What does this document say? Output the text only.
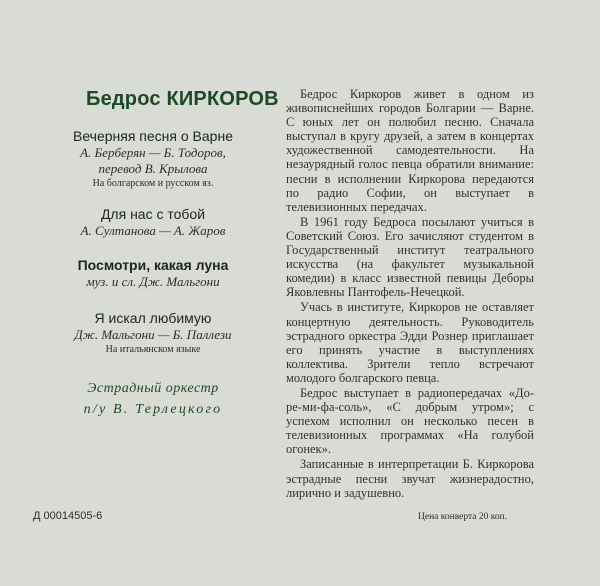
Бедрос КИРКОРОВ
Вечерняя песня о Варне
А. Берберян — Б. Тодоров,
перевод В. Крылова
На болгарском и русском яз.
Для нас с тобой
А. Султанова — А. Жаров
Посмотри, какая луна
муз. и сл. Дж. Мальгони
Я искал любимую
Дж. Мальгони — Б. Паллези
На итальянском языке
Эстрадный оркестр
п/у В. Терлецкого

Бедрос Киркоров живет в одном из живописнейших городов Болгарии — Варне. С юных лет он полюбил песню. Сначала выступал в кругу друзей, а затем в концертах художественной самодеятельности. На незаурядный голос певца обратили внимание: песни в исполнении Киркорова передаются по радио Софии, он выступает в телевизионных передачах.

В 1961 году Бедроса посылают учиться в Советский Союз. Его зачисляют студентом в Государственный институт театрального искусства (на факультет музыкальной комедии) в класс известной певицы Деборы Яковлевны Пантофель-Нечецкой.

Учась в институте, Киркоров не оставляет концертную деятельность. Руководитель эстрадного оркестра Эдди Рознер приглашает его принять участие в выступлениях коллектива. Зрители тепло встречают молодого болгарского певца.

Бедрос выступает в радиопередачах «До-ре-ми-фа-соль», «С добрым утром»; с успехом исполнил он несколько песен в телевизионных программах «На голубой огонек».

Записанные в интерпретации Б. Киркорова эстрадные песни звучат жизнерадостно, лирично и задушевно.

Д 00014505-6	Цена конверта 20 коп.
